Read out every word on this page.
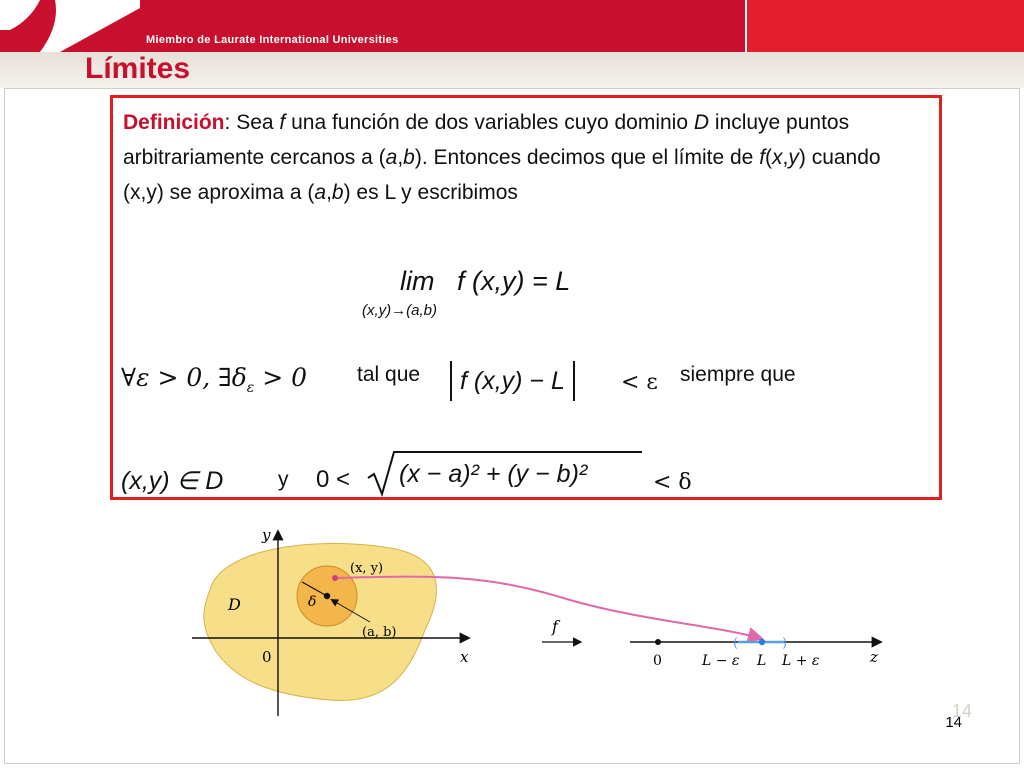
Miembro de Laurate International Universities
Límites
Definición: Sea f una función de dos variables cuyo dominio D incluye puntos arbitrariamente cercanos a (a,b). Entonces decimos que el límite de f(x,y) cuando (x,y) se aproxima a (a,b) es L y escribimos
lim f (x,y) = L
(x,y)→(a,b)
∀ε > 0, $\exists\delta_\varepsilon > 0$ tal que	f (x,y) − L	< ε siempre que
(x,y) ∈ D	y 0 < (x − a)² + (y − b)²	< δ
y
x
0
D	δ
(x, y)
(a, b)	f
(	)
z
0	L − ε L L + ε
14
14
